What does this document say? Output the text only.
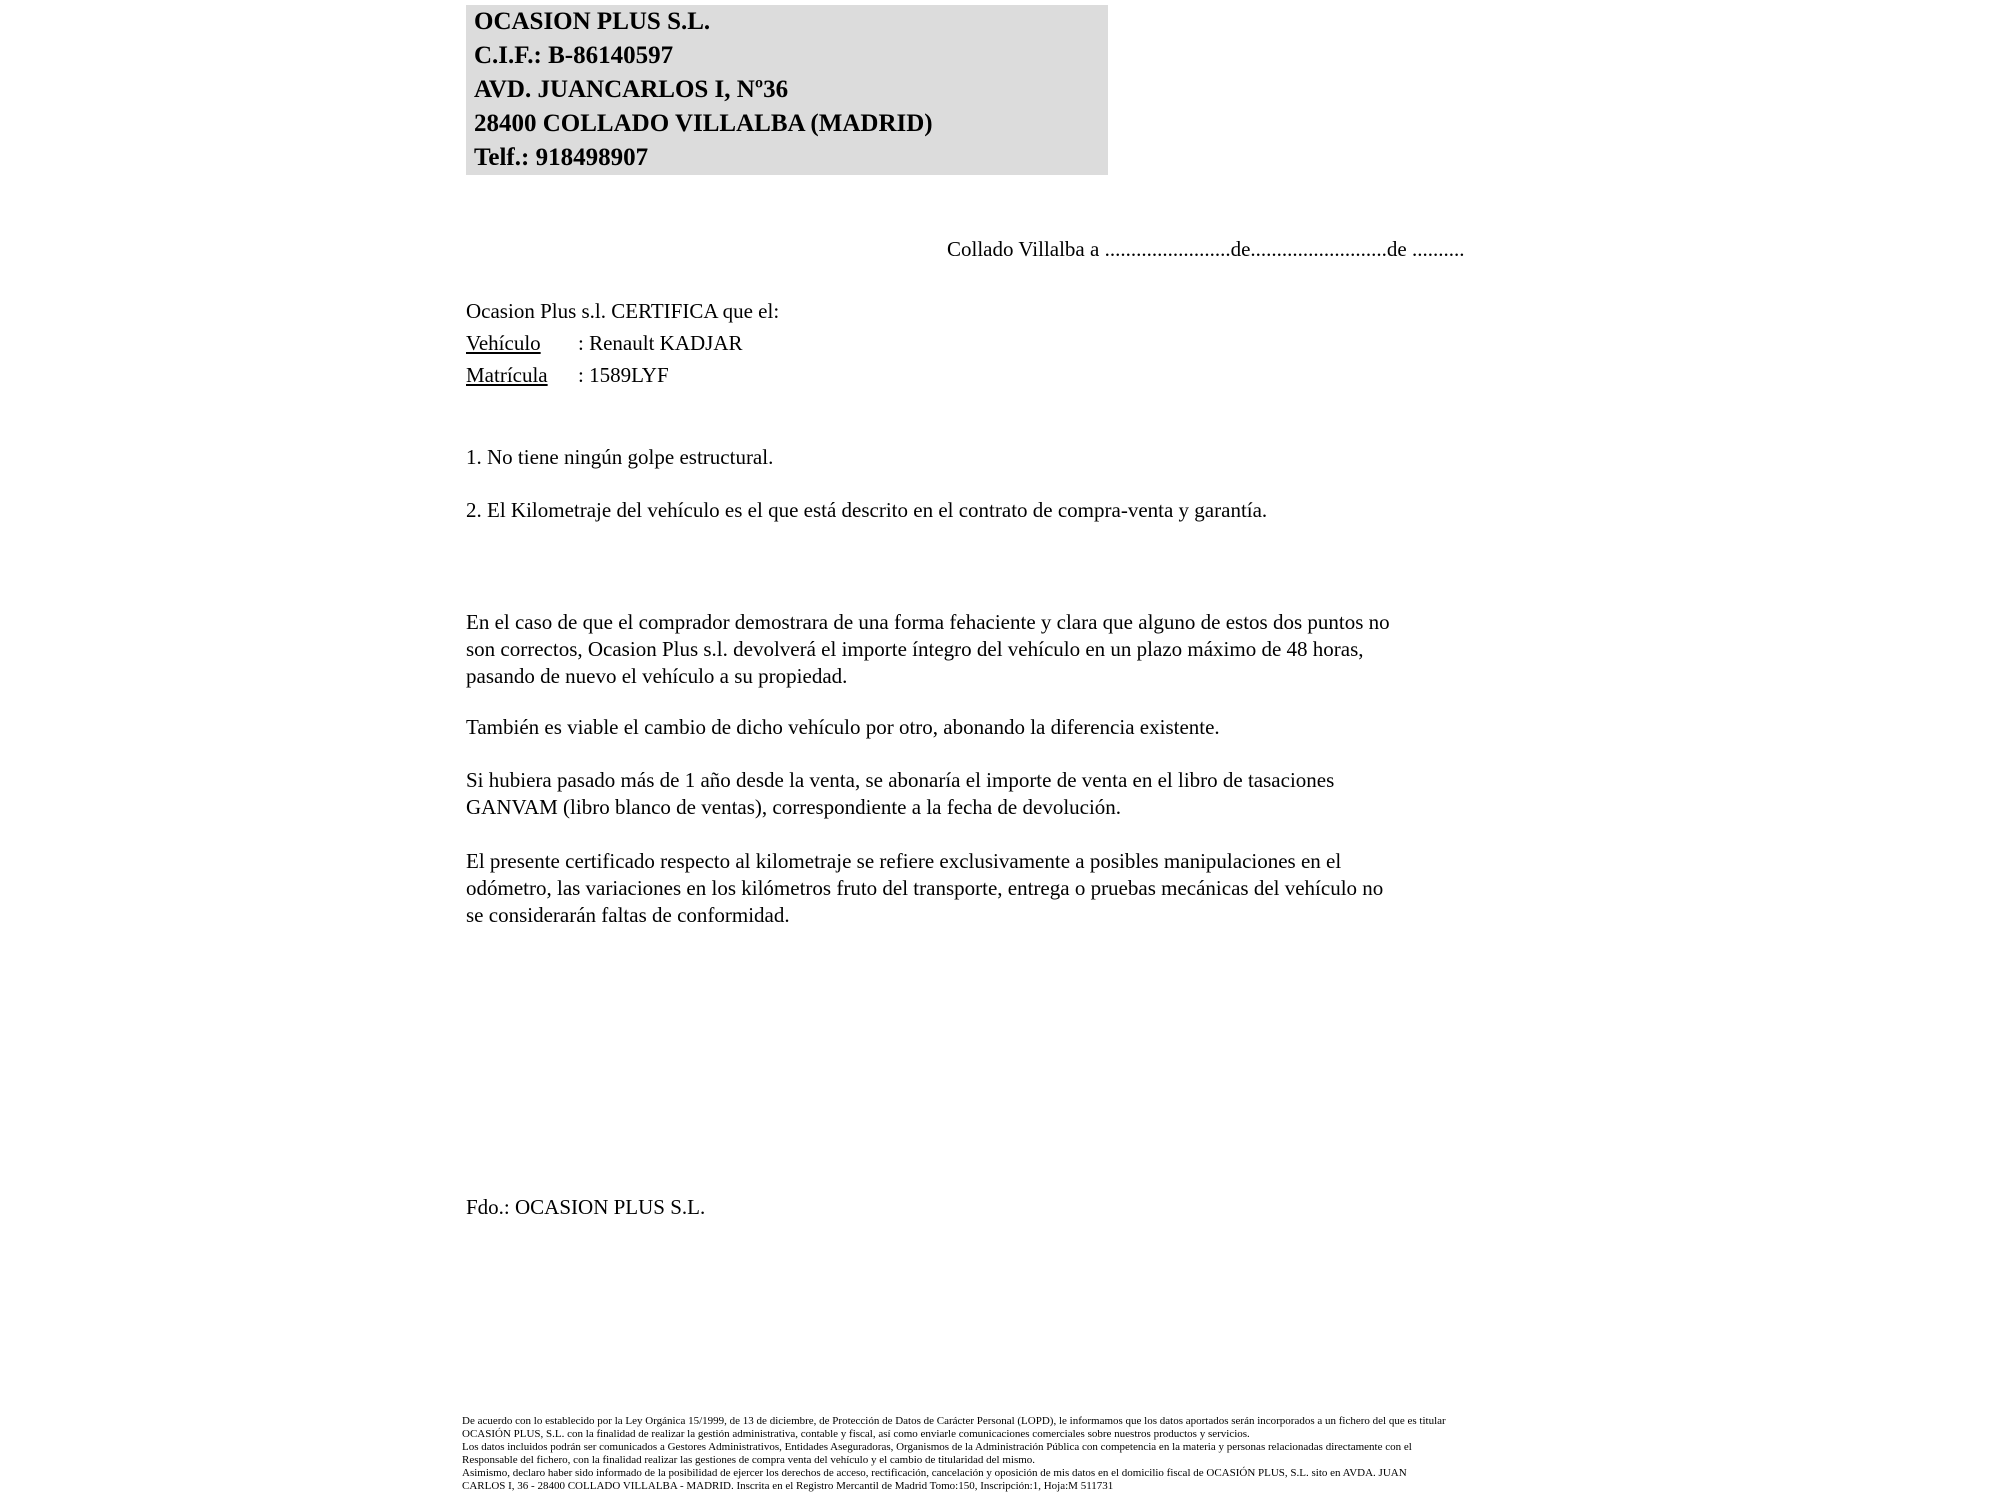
OCASION PLUS S.L.
C.I.F.: B-86140597
AVD. JUANCARLOS I, Nº36
28400 COLLADO VILLALBA (MADRID)
Telf.: 918498907
Collado Villalba a ........................de..........................de ..........
Ocasion Plus s.l. CERTIFICA que el:
Vehículo : Renault KADJAR
Matrícula : 1589LYF
1. No tiene ningún golpe estructural.
2. El Kilometraje del vehículo es el que está descrito en el contrato de compra-venta y garantía.
En el caso de que el comprador demostrara de una forma fehaciente y clara que alguno de estos dos puntos no
son correctos, Ocasion Plus s.l. devolverá el importe íntegro del vehículo en un plazo máximo de 48 horas,
pasando de nuevo el vehículo a su propiedad.
También es viable el cambio de dicho vehículo por otro, abonando la diferencia existente.
Si hubiera pasado más de 1 año desde la venta, se abonaría el importe de venta en el libro de tasaciones
GANVAM (libro blanco de ventas), correspondiente a la fecha de devolución.
El presente certificado respecto al kilometraje se refiere exclusivamente a posibles manipulaciones en el
odómetro, las variaciones en los kilómetros fruto del transporte, entrega o pruebas mecánicas del vehículo no
se considerarán faltas de conformidad.
Fdo.: OCASION PLUS S.L.
De acuerdo con lo establecido por la Ley Orgánica 15/1999, de 13 de diciembre, de Protección de Datos de Carácter Personal (LOPD), le informamos que los datos aportados serán incorporados a un fichero del que es titular
OCASIÓN PLUS, S.L. con la finalidad de realizar la gestión administrativa, contable y fiscal, así como enviarle comunicaciones comerciales sobre nuestros productos y servicios.
Los datos incluidos podrán ser comunicados a Gestores Administrativos, Entidades Aseguradoras, Organismos de la Administración Pública con competencia en la materia y personas relacionadas directamente con el
Responsable del fichero, con la finalidad realizar las gestiones de compra venta del vehículo y el cambio de titularidad del mismo.
Asimismo, declaro haber sido informado de la posibilidad de ejercer los derechos de acceso, rectificación, cancelación y oposición de mis datos en el domicilio fiscal de OCASIÓN PLUS, S.L. sito en AVDA. JUAN
CARLOS I, 36 - 28400 COLLADO VILLALBA - MADRID. Inscrita en el Registro Mercantil de Madrid Tomo:150, Inscripción:1, Hoja:M 511731
